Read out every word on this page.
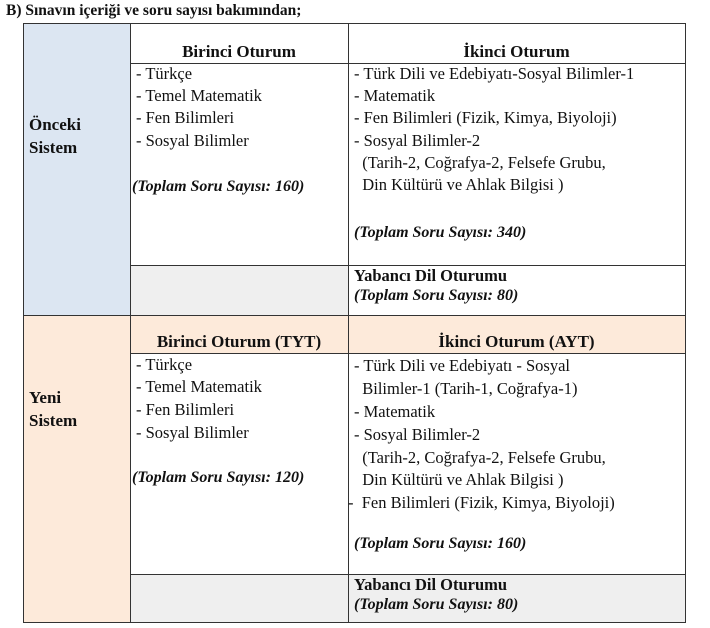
B) Sınavın içeriği ve soru sayısı bakımından;
Önceki
Sistem
Birinci Oturum	İkinci Oturum
- Türkçe
- Temel Matematik
- Fen Bilimleri
- Sosyal Bilimler
(Toplam Soru Sayısı: 160)
- Türk Dili ve Edebiyatı-Sosyal Bilimler-1
- Matematik
- Fen Bilimleri (Fizik, Kimya, Biyoloji)
- Sosyal Bilimler-2
(Tarih-2, Coğrafya-2, Felsefe Grubu,
Din Kültürü ve Ahlak Bilgisi )
(Toplam Soru Sayısı: 340)
Yabancı Dil Oturumu
(Toplam Soru Sayısı: 80)
Yeni
Sistem
Birinci Oturum (TYT)	İkinci Oturum (AYT)
- Türkçe
- Temel Matematik
- Fen Bilimleri
- Sosyal Bilimler
(Toplam Soru Sayısı: 120)
- Türk Dili ve Edebiyatı - Sosyal
Bilimler-1 (Tarih-1, Coğrafya-1)
- Matematik
- Sosyal Bilimler-2
(Tarih-2, Coğrafya-2, Felsefe Grubu,
Din Kültürü ve Ahlak Bilgisi )
-  Fen Bilimleri (Fizik, Kimya, Biyoloji)
(Toplam Soru Sayısı: 160)
Yabancı Dil Oturumu
(Toplam Soru Sayısı: 80)
